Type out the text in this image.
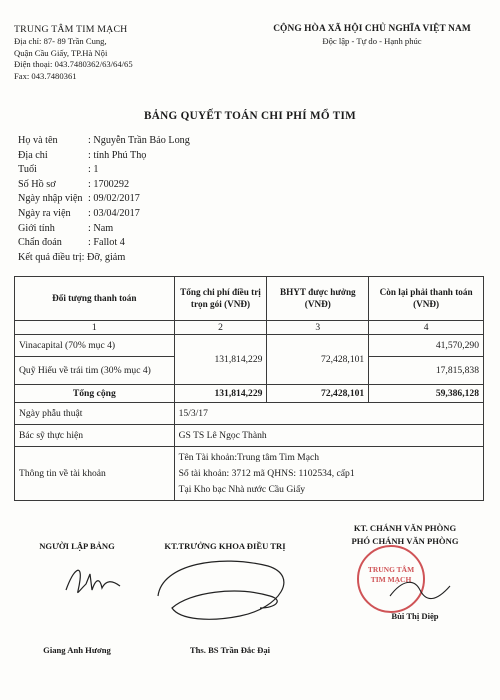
TRUNG TÂM TIM MẠCH
Địa chỉ: 87- 89 Trần Cung,
Quận Cầu Giấy, TP.Hà Nội
Điện thoại: 043.7480362/63/64/65
Fax: 043.7480361
CỘNG HÒA XÃ HỘI CHỦ NGHĨA VIỆT NAM
Độc lập - Tự do - Hạnh phúc
BẢNG QUYẾT TOÁN CHI PHÍ MỔ TIM
Họ và tên	: Nguyễn Trần Bảo Long
Địa chỉ	: tỉnh Phú Thọ
Tuổi	: 1
Số Hồ sơ	: 1700292
Ngày nhập viện : 09/02/2017
Ngày ra viện	: 03/04/2017
Giới tính	: Nam
Chẩn đoán	: Fallot 4
Kết quả điều trị : Đỡ, giảm
Đối tượng thanh toán	Tổng chi phí điều trị trọn gói (VNĐ)	BHYT được hưởng (VNĐ)	Còn lại phải thanh toán (VNĐ)
1	2	3	4
Vinacapital (70% mục 4)	131,814,229	72,428,101	41,570,290
Quỹ Hiếu về trái tim (30% mục 4)			17,815,838
Tổng cộng	131,814,229	72,428,101	59,386,128
Ngày phẫu thuật	15/3/17		
Bác sỹ thực hiện	GS TS Lê Ngọc Thành		
Thông tin về tài khoản	Tên Tài khoản:Trung tâm Tim Mạch
Số tài khoản: 3712 mã QHNS: 1102534, cấp1
Tại Kho bạc Nhà nước Cầu Giấy		
NGƯỜI LẬP BẢNG
Giang Anh Hương
KT.TRƯỞNG KHOA ĐIỀU TRỊ
Ths. BS Trần Đắc Đại
KT. CHÁNH VĂN PHÒNG
PHÓ CHÁNH VĂN PHÒNG
TRUNG TÂM
TIM MẠCH
Bùi Thị Diệp
